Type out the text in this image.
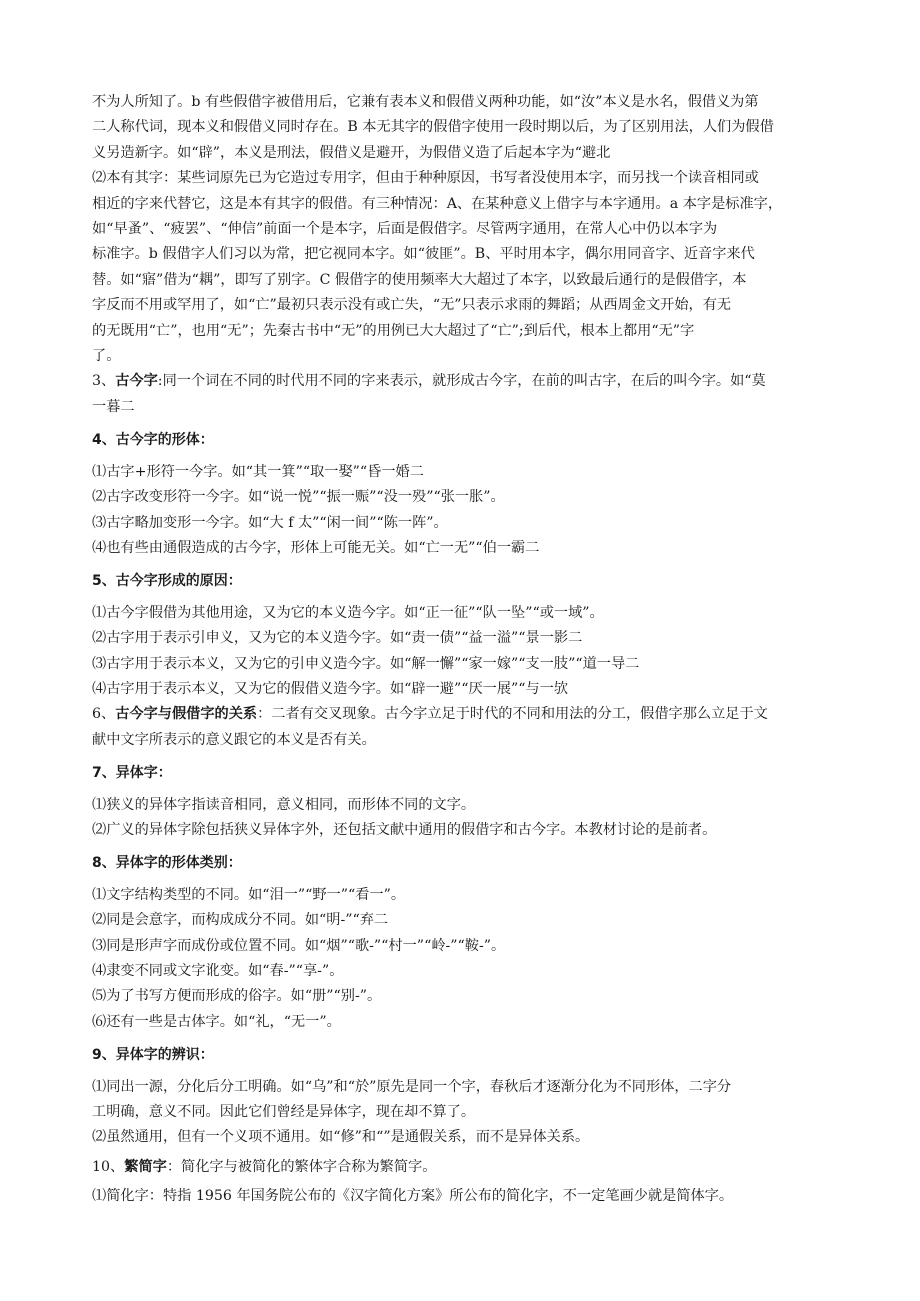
不为人所知了。b 有些假借字被借用后，它兼有表本义和假借义两种功能，如“汝”本义是水名，假借义为第
二人称代词，现本义和假借义同时存在。B 本无其字的假借字使用一段时期以后，为了区别用法，人们为假借
义另造新字。如“辟”，本义是刑法，假借义是避开，为假借义造了后起本字为“避北
⑵本有其字：某些词原先已为它造过专用字，但由于种种原因，书写者没使用本字，而另找一个读音相同或
相近的字来代替它，这是本有其字的假借。有三种情况：A、在某种意义上借字与本字通用。a 本字是标准字，
如“早蚤”、“疲罢”、“伸信”前面一个是本字，后面是假借字。尽管两字通用，在常人心中仍以本字为
标准字。b 假借字人们习以为常，把它视同本字。如“彼匪”。B、平时用本字，偶尔用同音字、近音字来代
替。如“寤”借为“耦”，即写了别字。C 假借字的使用频率大大超过了本字，以致最后通行的是假借字，本
字反而不用或罕用了，如“亡”最初只表示没有或亡失，“无”只表示求雨的舞蹈；从西周金文开始，有无
的无既用“亡”，也用“无”；先秦古书中“无”的用例已大大超过了“亡”;到后代，根本上都用“无”字
了。
3、古今字:同一个词在不同的时代用不同的字来表示，就形成古今字，在前的叫古字，在后的叫今字。如“莫
一暮二
4、古今字的形体：
⑴古字+形符一今字。如“其一箕”“取一娶”“昏一婚二
⑵古字改变形符一今字。如“说一悦”“振一赈”“没一殁”“张一胀”。
⑶古字略加变形一今字。如“大 f 太”“闲一间”“陈一阵”。
⑷也有些由通假造成的古今字，形体上可能无关。如“亡一无”“伯一霸二
5、古今字形成的原因：
⑴古今字假借为其他用途，又为它的本义造今字。如“正一征”“队一坠”“或一域”。
⑵古字用于表示引申义，又为它的本义造今字。如“责一债”“益一溢”“景一影二
⑶古字用于表示本义，又为它的引申义造今字。如“解一懈”“家一嫁”“支一肢”“道一导二
⑷古字用于表示本义，又为它的假借义造今字。如“辟一避”“厌一展”“与一欤
6、古今字与假借字的关系：二者有交叉现象。古今字立足于时代的不同和用法的分工，假借字那么立足于文
献中文字所表示的意义跟它的本义是否有关。
7、异体字：
⑴狭义的异体字指读音相同，意义相同，而形体不同的文字。
⑵广义的异体字除包括狭义异体字外，还包括文献中通用的假借字和古今字。本教材讨论的是前者。
8、异体字的形体类别：
⑴文字结构类型的不同。如“泪一”“野一”“看一”。
⑵同是会意字，而构成成分不同。如“明-”“弃二
⑶同是形声字而成份或位置不同。如“烟”“歌-”“村一”“岭-”“鞍-”。
⑷隶变不同或文字讹变。如“春-”“享-”。
⑸为了书写方便而形成的俗字。如“册”“别-”。
⑹还有一些是古体字。如“礼，“无一”。
9、异体字的辨识：
⑴同出一源，分化后分工明确。如“乌”和“於”原先是同一个字，春秋后才逐渐分化为不同形体，二字分
工明确，意义不同。因此它们曾经是异体字，现在却不算了。
⑵虽然通用，但有一个义项不通用。如“修”和“”是通假关系，而不是异体关系。
10、繁简字：简化字与被简化的繁体字合称为繁简字。
⑴简化字：特指 1956 年国务院公布的《汉字简化方案》所公布的简化字，不一定笔画少就是简体字。
